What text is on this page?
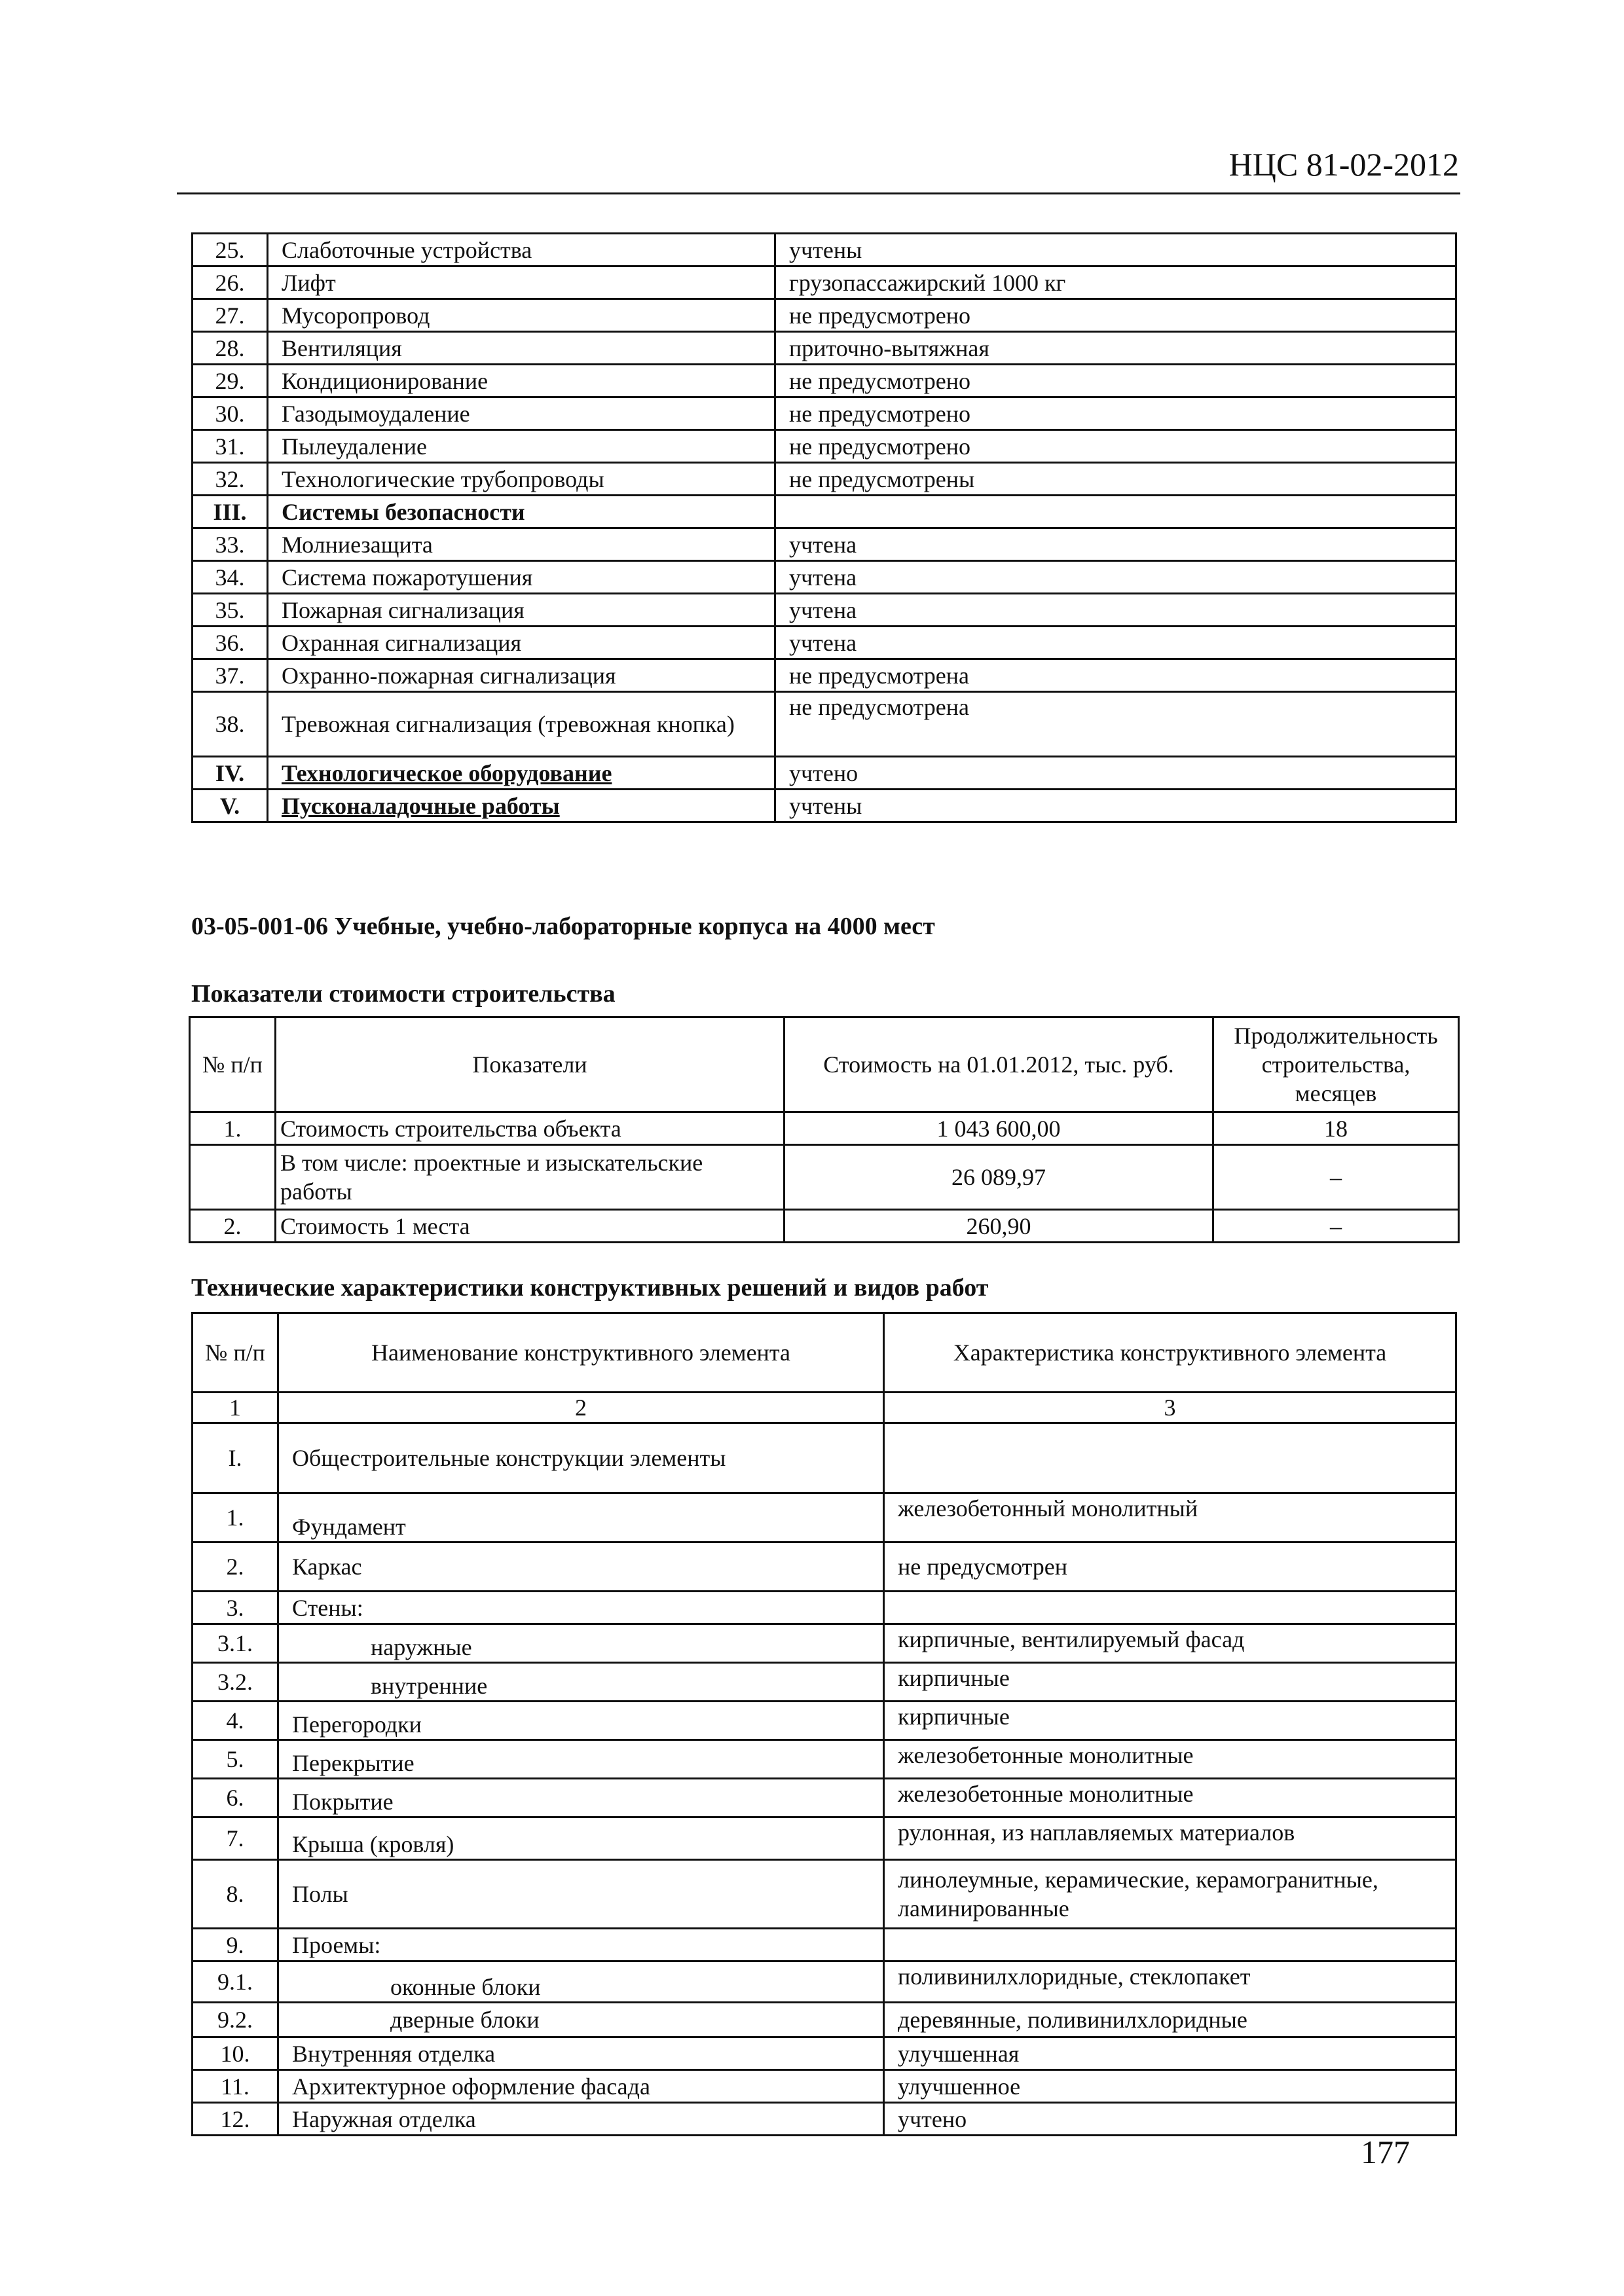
НЦС 81-02-2012
25.	Слаботочные устройства	учтены
26.	Лифт	грузопассажирский 1000 кг
27.	Мусоропровод	не предусмотрено
28.	Вентиляция	приточно-вытяжная
29.	Кондиционирование	не предусмотрено
30.	Газодымоудаление	не предусмотрено
31.	Пылеудаление	не предусмотрено
32.	Технологические трубопроводы	не предусмотрены
III.	Системы безопасности	
33.	Молниезащита	учтена
34.	Система пожаротушения	учтена
35.	Пожарная сигнализация	учтена
36.	Охранная сигнализация	учтена
37.	Охранно-пожарная сигнализация	не предусмотрена
38.	Тревожная сигнализация (тревожная кнопка)	не предусмотрена
IV.	Технологическое оборудование	учтено
V.	Пусконаладочные работы	учтены
03-05-001-06 Учебные, учебно-лабораторные корпуса на 4000 мест
Показатели стоимости строительства
№ п/п	Показатели	Стоимость на 01.01.2012, тыс. руб.	Продолжительность строительства, месяцев
1.	Стоимость строительства объекта	1 043 600,00	18
	В том числе: проектные и изыскательские работы	26 089,97	–
2.	Стоимость 1 места	260,90	–
Технические характеристики конструктивных решений и видов работ
№ п/п	Наименование конструктивного элемента	Характеристика конструктивного элемента
1	2	3
I.	Общестроительные конструкции элементы	
1.	Фундамент	железобетонный монолитный
2.	Каркас	не предусмотрен
3.	Стены:	
3.1.	наружные	кирпичные, вентилируемый фасад
3.2.	внутренние	кирпичные
4.	Перегородки	кирпичные
5.	Перекрытие	железобетонные монолитные
6.	Покрытие	железобетонные монолитные
7.	Крыша (кровля)	рулонная, из наплавляемых материалов
8.	Полы	линолеумные, керамические, керамогранитные, ламинированные
9.	Проемы:	
9.1.	оконные блоки	поливинилхлоридные, стеклопакет
9.2.	дверные блоки	деревянные, поливинилхлоридные
10.	Внутренняя отделка	улучшенная
11.	Архитектурное оформление фасада	улучшенное
12.	Наружная отделка	учтено
177
